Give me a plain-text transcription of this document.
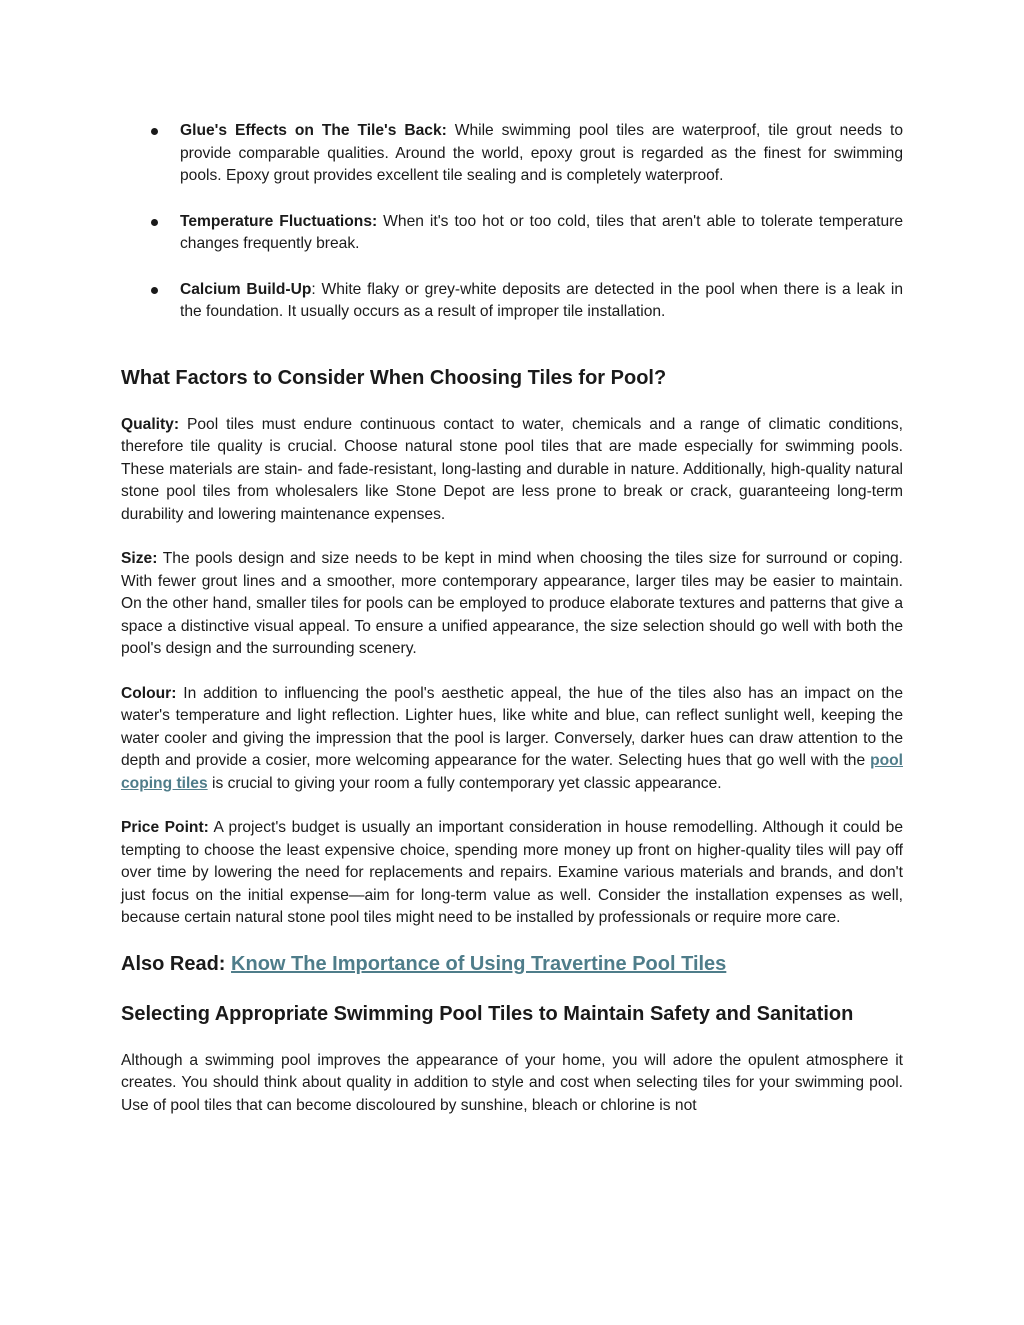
Glue's Effects on The Tile's Back: While swimming pool tiles are waterproof, tile grout needs to provide comparable qualities. Around the world, epoxy grout is regarded as the finest for swimming pools. Epoxy grout provides excellent tile sealing and is completely waterproof.
Temperature Fluctuations: When it's too hot or too cold, tiles that aren't able to tolerate temperature changes frequently break.
Calcium Build-Up: White flaky or grey-white deposits are detected in the pool when there is a leak in the foundation. It usually occurs as a result of improper tile installation.
What Factors to Consider When Choosing Tiles for Pool?

Quality: Pool tiles must endure continuous contact to water, chemicals and a range of climatic conditions, therefore tile quality is crucial. Choose natural stone pool tiles that are made especially for swimming pools. These materials are stain- and fade-resistant, long-lasting and durable in nature. Additionally, high-quality natural stone pool tiles from wholesalers like Stone Depot are less prone to break or crack, guaranteeing long-term durability and lowering maintenance expenses.

Size: The pools design and size needs to be kept in mind when choosing the tiles size for surround or coping. With fewer grout lines and a smoother, more contemporary appearance, larger tiles may be easier to maintain. On the other hand, smaller tiles for pools can be employed to produce elaborate textures and patterns that give a space a distinctive visual appeal. To ensure a unified appearance, the size selection should go well with both the pool's design and the surrounding scenery.

Colour: In addition to influencing the pool's aesthetic appeal, the hue of the tiles also has an impact on the water's temperature and light reflection. Lighter hues, like white and blue, can reflect sunlight well, keeping the water cooler and giving the impression that the pool is larger. Conversely, darker hues can draw attention to the depth and provide a cosier, more welcoming appearance for the water. Selecting hues that go well with the pool coping tiles is crucial to giving your room a fully contemporary yet classic appearance.

Price Point: A project's budget is usually an important consideration in house remodelling. Although it could be tempting to choose the least expensive choice, spending more money up front on higher-quality tiles will pay off over time by lowering the need for replacements and repairs. Examine various materials and brands, and don't just focus on the initial expense—aim for long-term value as well. Consider the installation expenses as well, because certain natural stone pool tiles might need to be installed by professionals or require more care.

Also Read: Know The Importance of Using Travertine Pool Tiles
Selecting Appropriate Swimming Pool Tiles to Maintain Safety and Sanitation

Although a swimming pool improves the appearance of your home, you will adore the opulent atmosphere it creates. You should think about quality in addition to style and cost when selecting tiles for your swimming pool. Use of pool tiles that can become discoloured by sunshine, bleach or chlorine is not
